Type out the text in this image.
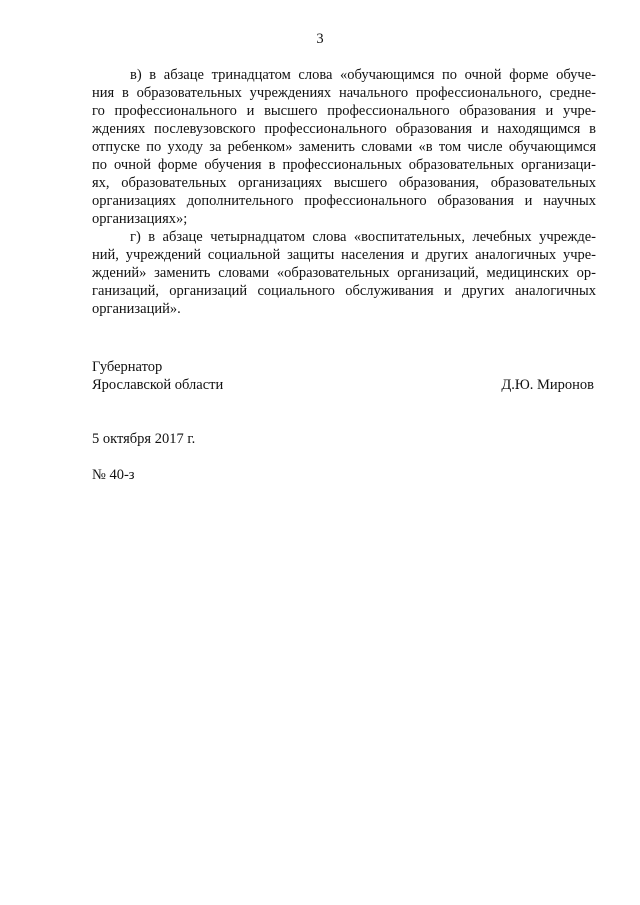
3
в) в абзаце тринадцатом слова «обучающимся по очной форме обуче-
ния в образовательных учреждениях начального профессионального, средне-
го профессионального и высшего профессионального образования и учре-
ждениях послевузовского профессионального образования и находящимся в
отпуске по уходу за ребенком» заменить словами «в том числе обучающимся
по очной форме обучения в профессиональных образовательных организаци-
ях, образовательных организациях высшего образования, образовательных
организациях дополнительного профессионального образования и научных
организациях»;
г) в абзаце четырнадцатом слова «воспитательных, лечебных учрежде-
ний, учреждений социальной защиты населения и других аналогичных учре-
ждений» заменить словами «образовательных организаций, медицинских ор-
ганизаций, организаций социального обслуживания и других аналогичных
организаций».
Губернатор
Ярославской области	Д.Ю. Миронов
5 октября 2017 г.
№ 40-з
